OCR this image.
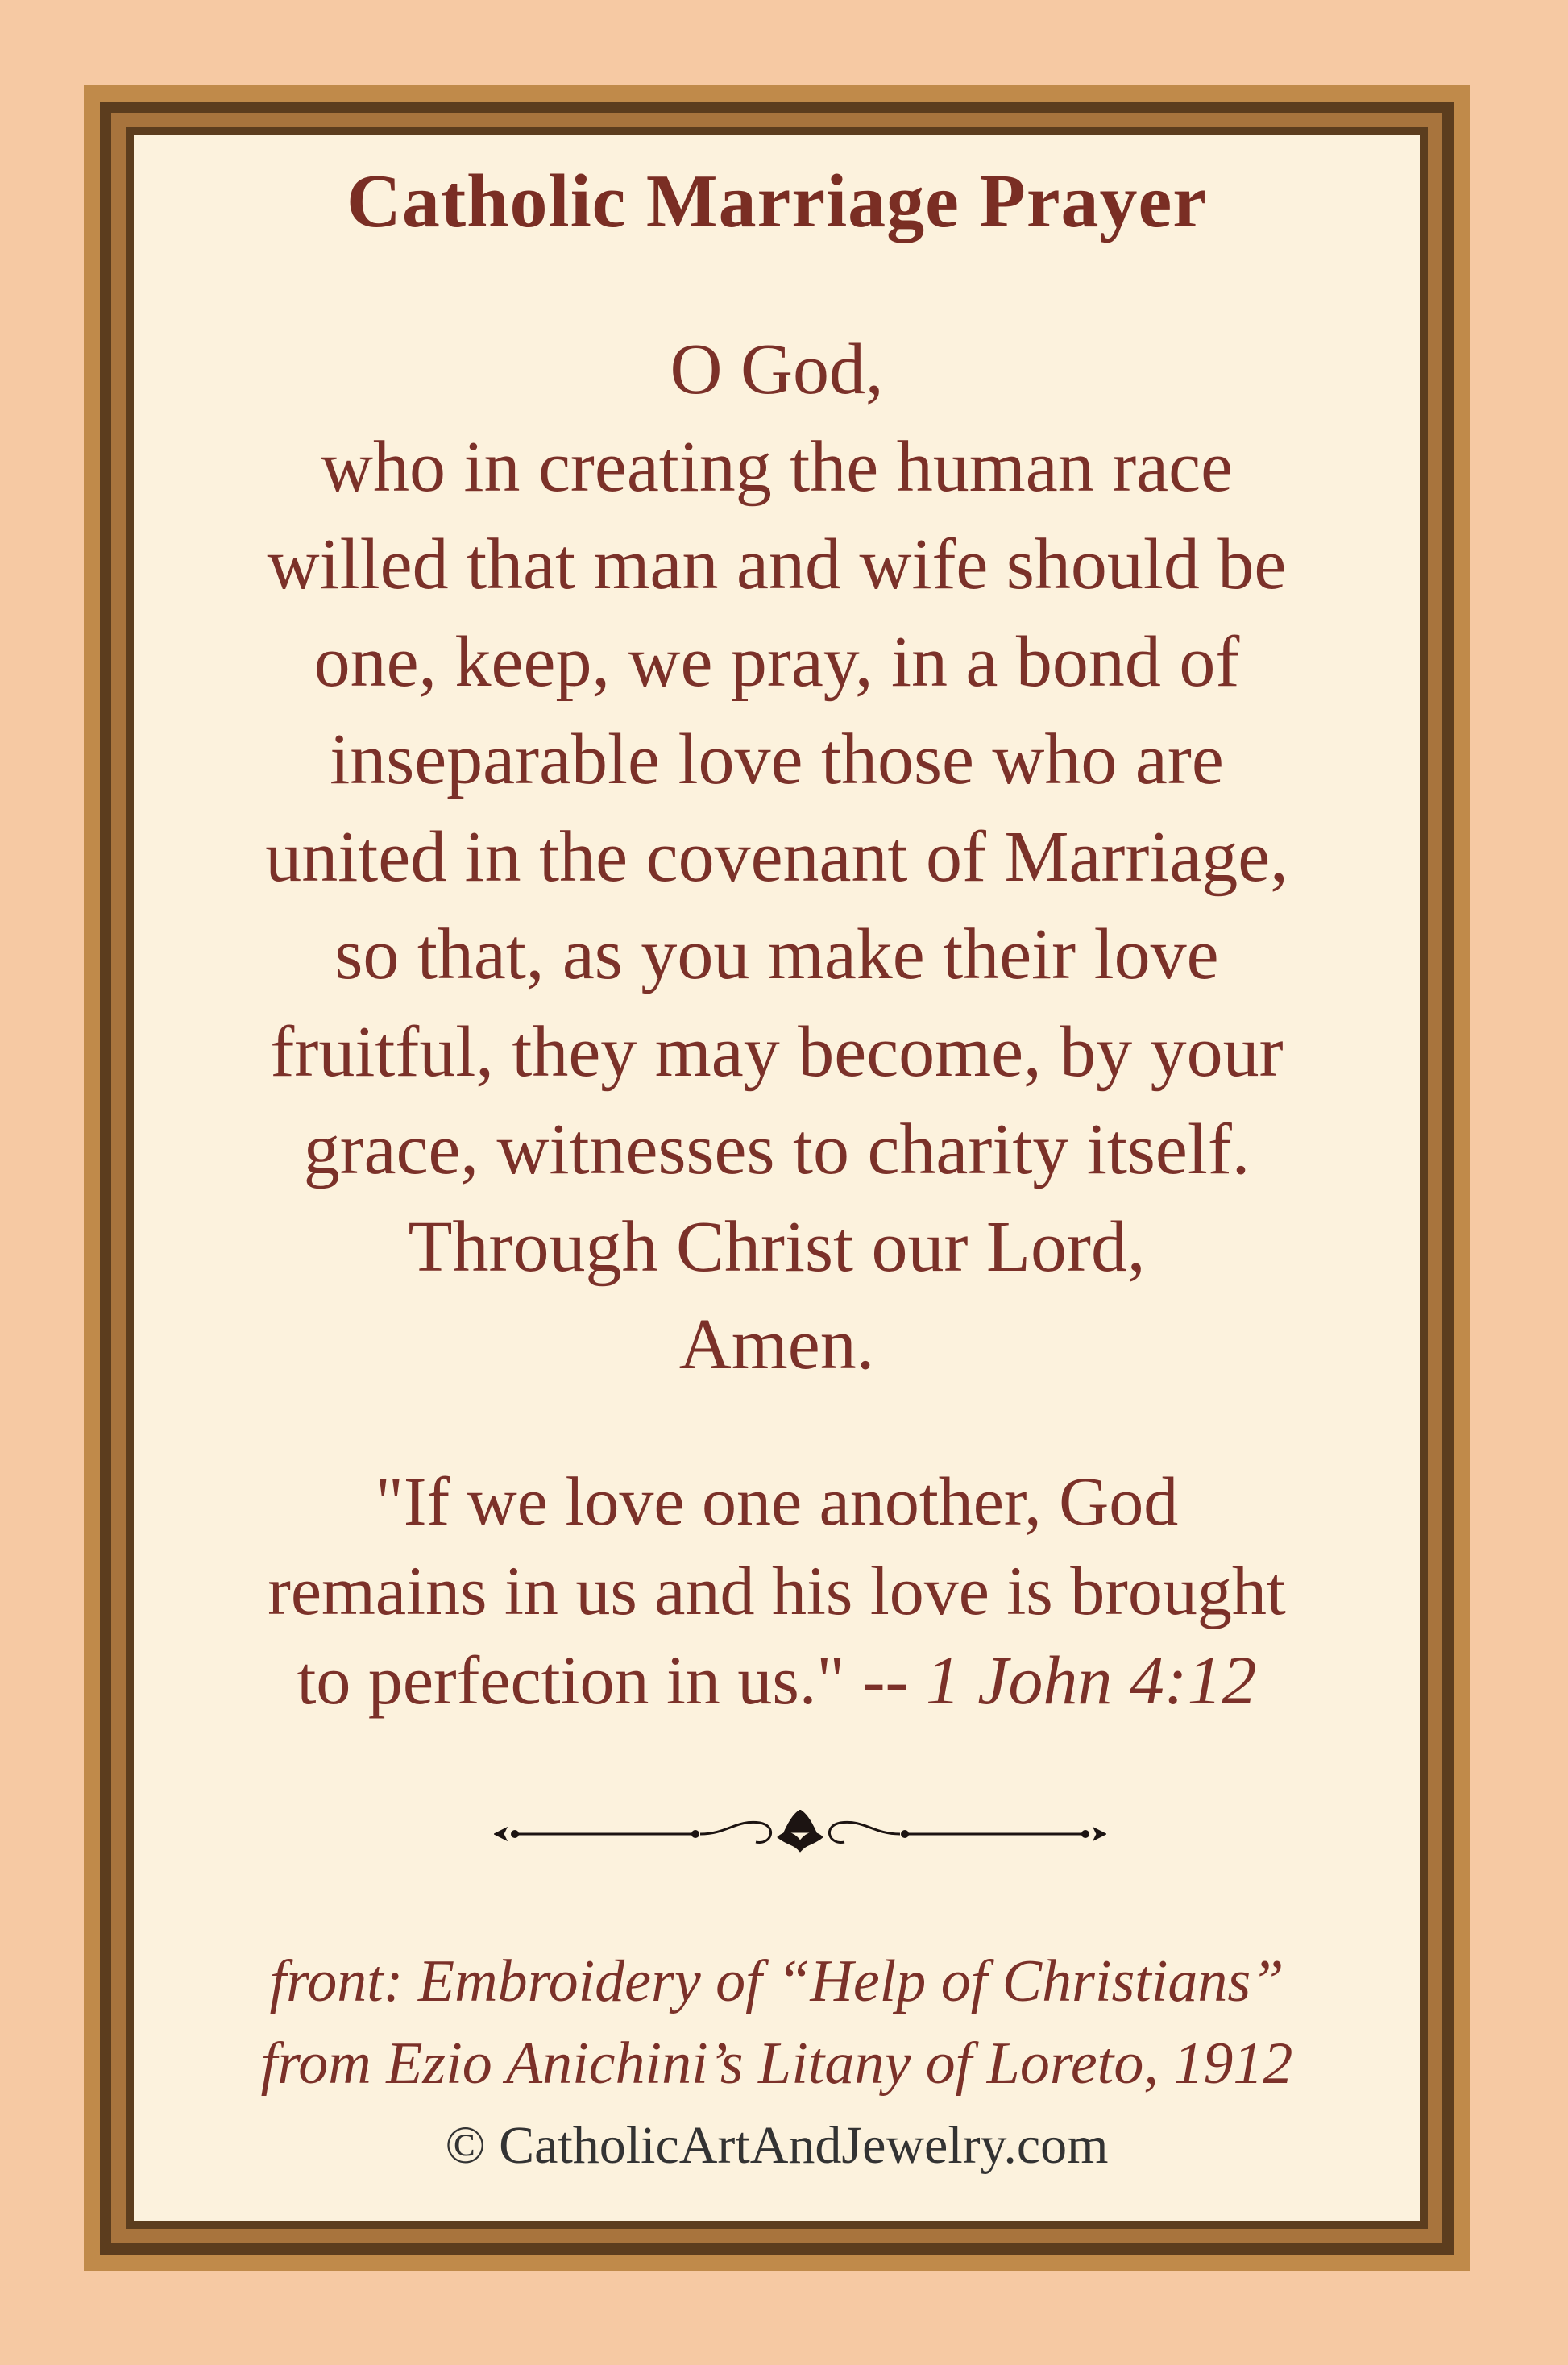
Catholic Marriage Prayer
O God,
who in creating the human race
willed that man and wife should be
one, keep, we pray, in a bond of
inseparable love those who are
united in the covenant of Marriage,
so that, as you make their love
fruitful, they may become, by your
grace, witnesses to charity itself.
Through Christ our Lord,
Amen.
"If we love one another, God
remains in us and his love is brought
to perfection in us." -- 1 John 4:12
front: Embroidery of “Help of Christians”
from Ezio Anichini’s Litany of Loreto, 1912
© CatholicArtAndJewelry.com
